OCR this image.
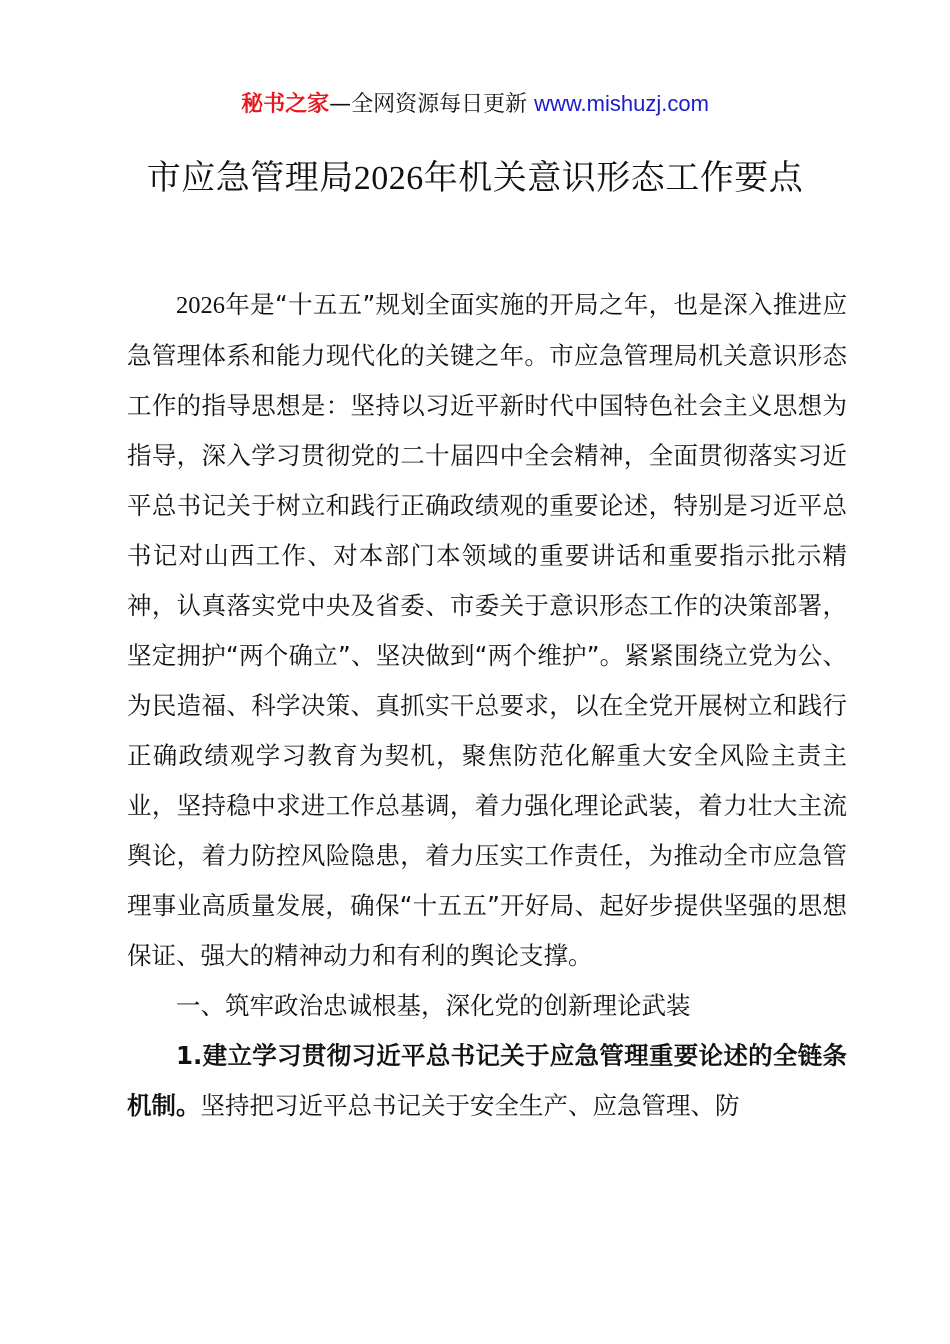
秘书之家—全网资源每日更新 www.mishuzj.com
市应急管理局2026年机关意识形态工作要点

2026年是“十五五”规划全面实施的开局之年，也是深入推进应急管理体系和能力现代化的关键之年。市应急管理局机关意识形态工作的指导思想是：坚持以习近平新时代中国特色社会主义思想为指导，深入学习贯彻党的二十届四中全会精神，全面贯彻落实习近平总书记关于树立和践行正确政绩观的重要论述，特别是习近平总书记对山西工作、对本部门本领域的重要讲话和重要指示批示精神，认真落实党中央及省委、市委关于意识形态工作的决策部署，坚定拥护“两个确立”、坚决做到“两个维护”。紧紧围绕立党为公、为民造福、科学决策、真抓实干总要求，以在全党开展树立和践行正确政绩观学习教育为契机，聚焦防范化解重大安全风险主责主业，坚持稳中求进工作总基调，着力强化理论武装，着力壮大主流舆论，着力防控风险隐患，着力压实工作责任，为推动全市应急管理事业高质量发展，确保“十五五”开好局、起好步提供坚强的思想保证、强大的精神动力和有利的舆论支撑。

一、筑牢政治忠诚根基，深化党的创新理论武装

1.建立学习贯彻习近平总书记关于应急管理重要论述的全链条机制。坚持把习近平总书记关于安全生产、应急管理、防
